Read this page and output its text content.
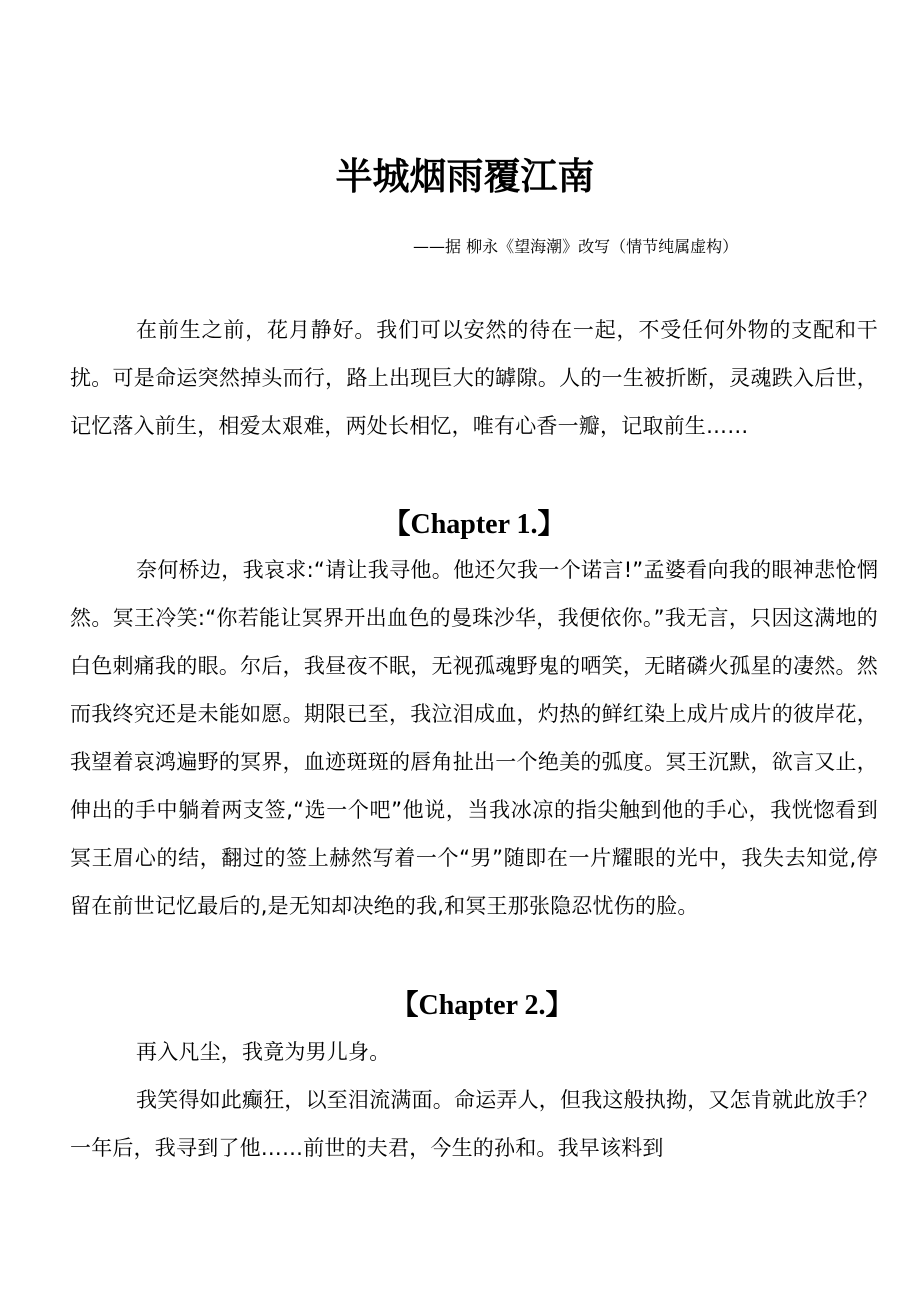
半城烟雨覆江南

——据 柳永《望海潮》改写（情节纯属虚构）

在前生之前，花月静好。我们可以安然的待在一起，不受任何外物的支配和干扰。可是命运突然掉头而行，路上出现巨大的罅隙。人的一生被折断，灵魂跌入后世，记忆落入前生，相爱太艰难，两处长相忆，唯有心香一瓣，记取前生……

【Chapter 1.】

奈何桥边，我哀求:“请让我寻他。他还欠我一个诺言!”孟婆看向我的眼神悲怆惘然。冥王冷笑:“你若能让冥界开出血色的曼珠沙华，我便依你。”我无言，只因这满地的白色刺痛我的眼。尔后，我昼夜不眠，无视孤魂野鬼的哂笑，无睹磷火孤星的凄然。然而我终究还是未能如愿。期限已至，我泣泪成血，灼热的鲜红染上成片成片的彼岸花，我望着哀鸿遍野的冥界，血迹斑斑的唇角扯出一个绝美的弧度。冥王沉默，欲言又止，伸出的手中躺着两支签,“选一个吧”他说，当我冰凉的指尖触到他的手心，我恍惚看到冥王眉心的结，翻过的签上赫然写着一个“男”随即在一片耀眼的光中，我失去知觉,停留在前世记忆最后的,是无知却决绝的我,和冥王那张隐忍忧伤的脸。

【Chapter 2.】

再入凡尘，我竟为男儿身。

我笑得如此癫狂，以至泪流满面。命运弄人，但我这般执拗，又怎肯就此放手？一年后，我寻到了他……前世的夫君，今生的孙和。我早该料到
